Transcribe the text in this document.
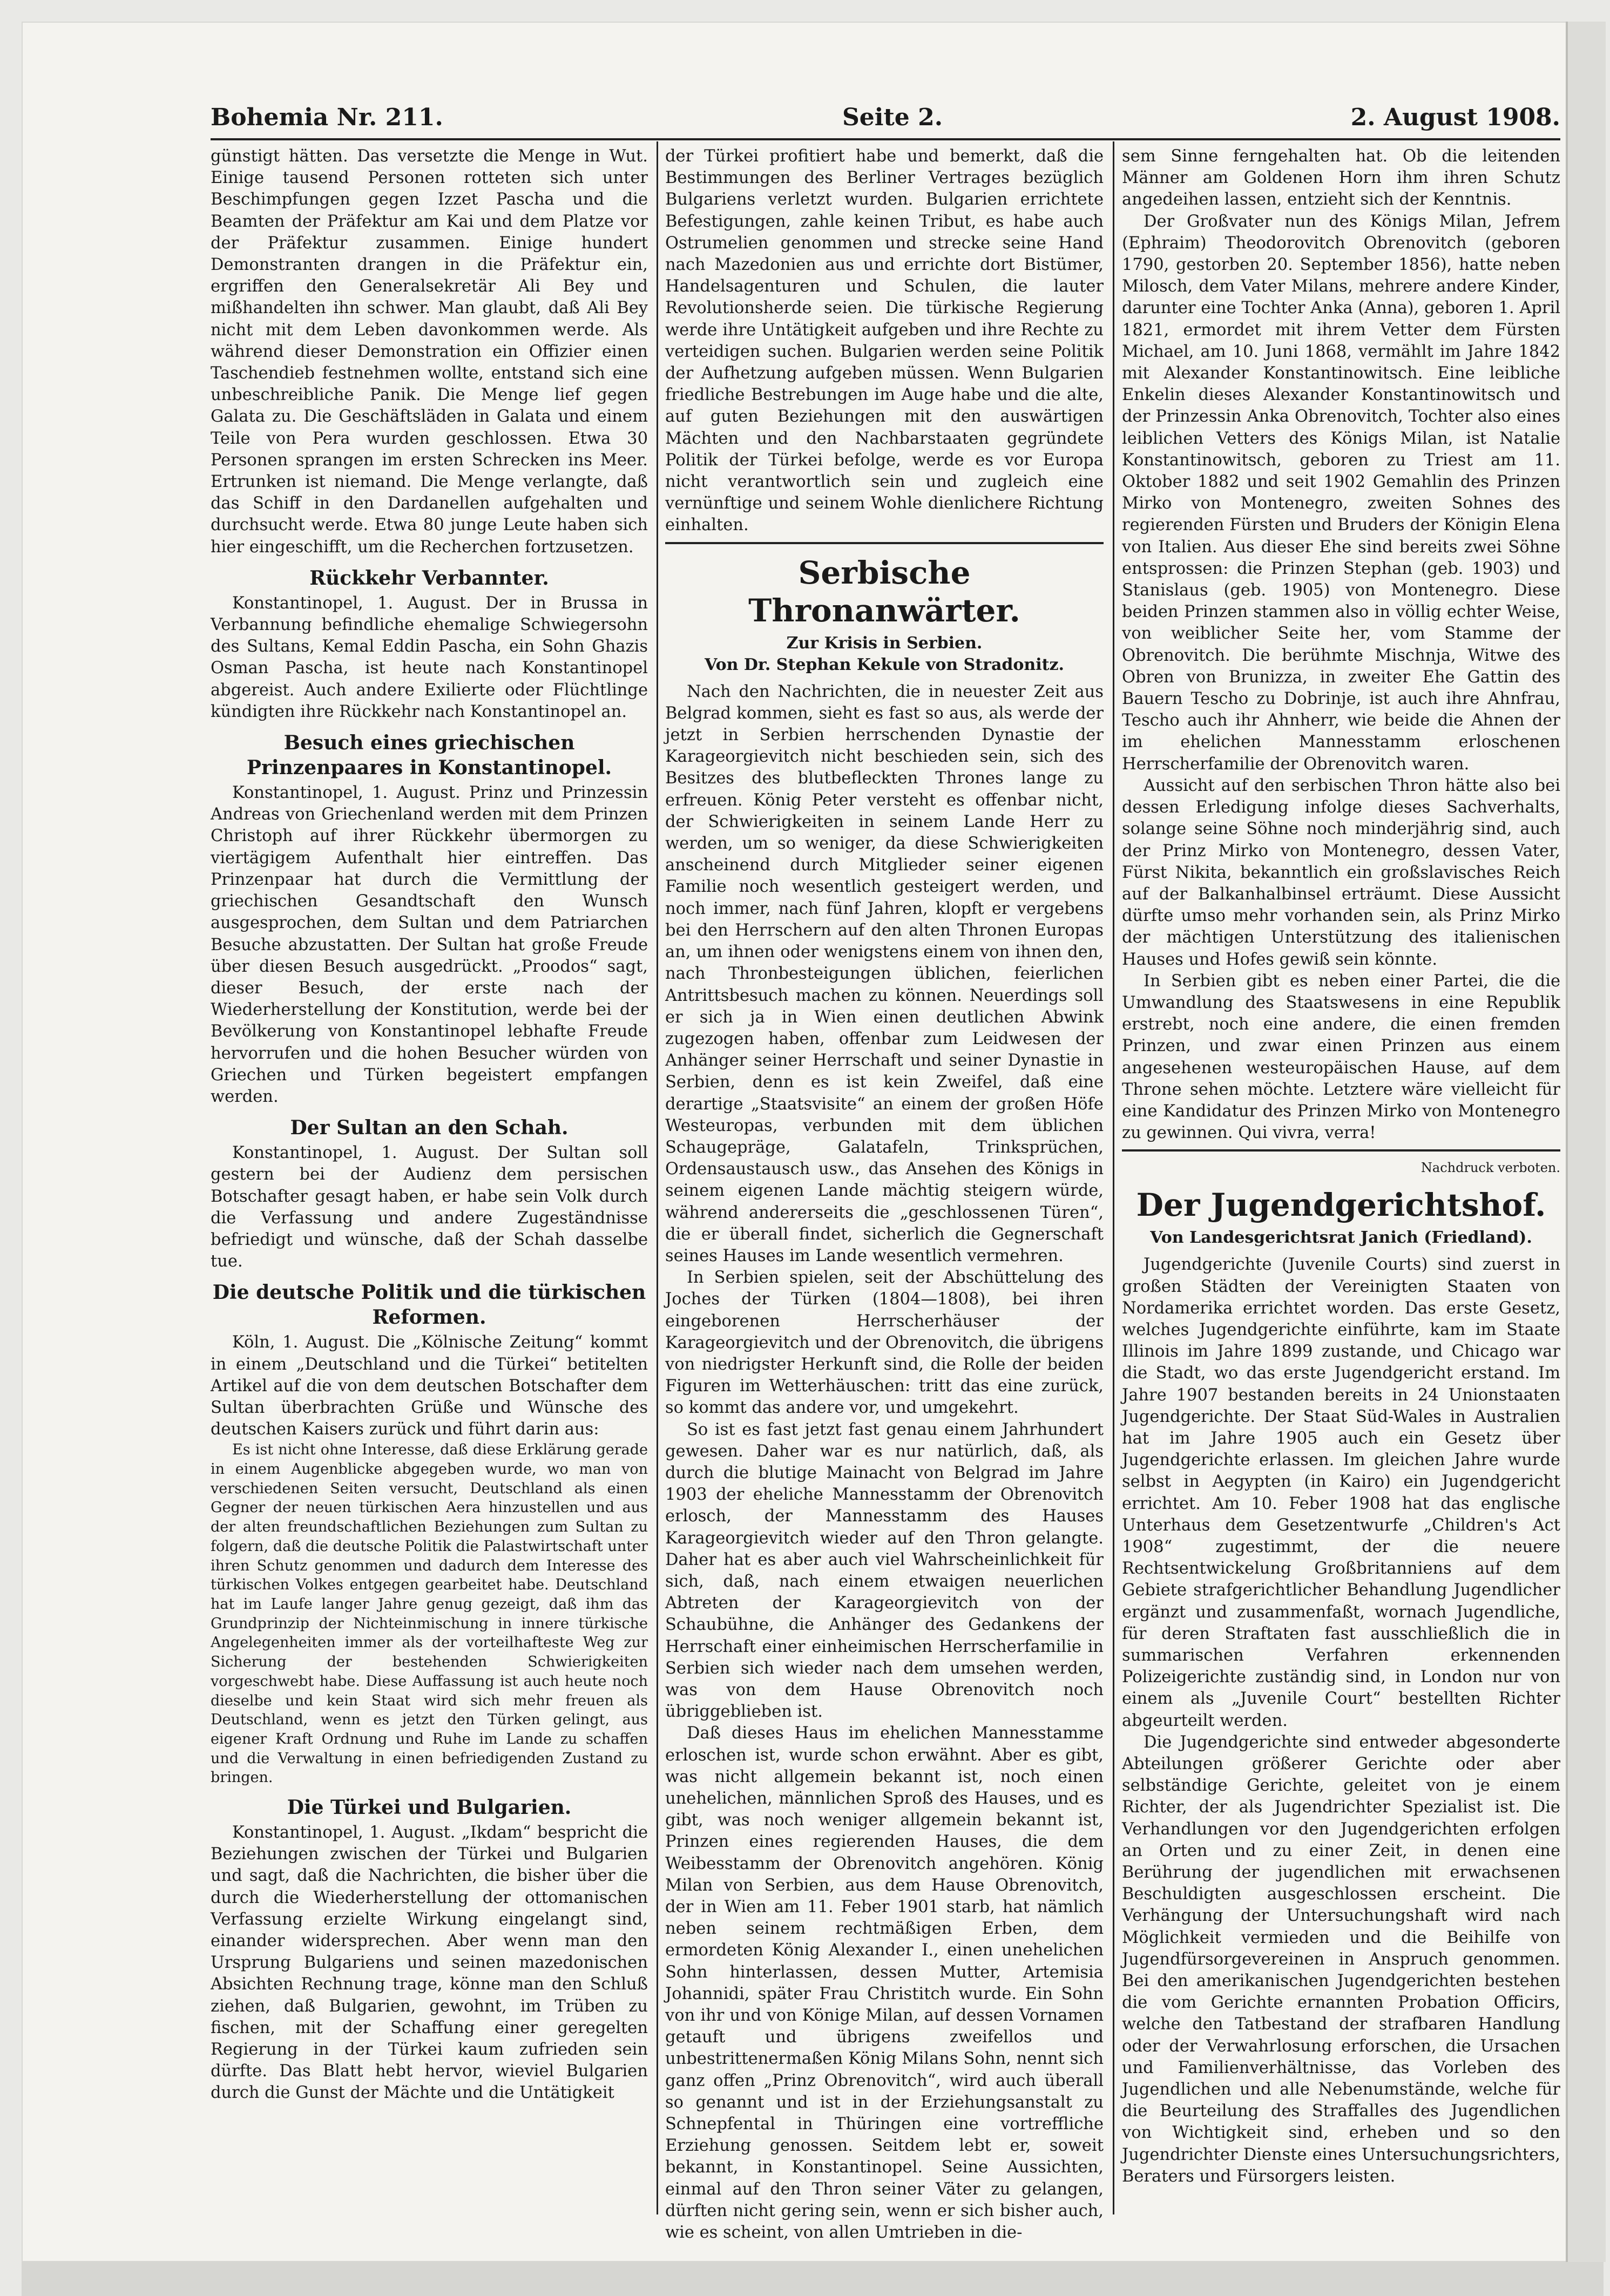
Bohemia Nr. 211.	Seite 2.	2. August 1908.

günstigt hätten. Das versetzte die Menge in Wut. Einige tausend Personen rotteten sich unter Beschimpfungen gegen Izzet Pascha und die Beamten der Präfektur am Kai und dem Platze vor der Präfektur zusammen. Einige hundert Demonstranten drangen in die Präfektur ein, ergriffen den Generalsekretär Ali Bey und mißhandelten ihn schwer. Man glaubt, daß Ali Bey nicht mit dem Leben davonkommen werde. Als während dieser Demonstration ein Offizier einen Taschendieb festnehmen wollte, entstand sich eine unbeschreibliche Panik. Die Menge lief gegen Galata zu. Die Geschäftsläden in Galata und einem Teile von Pera wurden geschlossen. Etwa 30 Personen sprangen im ersten Schrecken ins Meer. Ertrunken ist niemand. Die Menge verlangte, daß das Schiff in den Dardanellen aufgehalten und durchsucht werde. Etwa 80 junge Leute haben sich hier eingeschifft, um die Recherchen fortzusetzen.

Rückkehr Verbannter.

Konstantinopel, 1. August. Der in Brussa in Verbannung befindliche ehemalige Schwiegersohn des Sultans, Kemal Eddin Pascha, ein Sohn Ghazis Osman Pascha, ist heute nach Konstantinopel abgereist. Auch andere Exilierte oder Flüchtlinge kündigten ihre Rückkehr nach Konstantinopel an.

Besuch eines griechischen Prinzenpaares in Konstantinopel.

Konstantinopel, 1. August. Prinz und Prinzessin Andreas von Griechenland werden mit dem Prinzen Christoph auf ihrer Rückkehr übermorgen zu viertägigem Aufenthalt hier eintreffen. Das Prinzenpaar hat durch die Vermittlung der griechischen Gesandtschaft den Wunsch ausgesprochen, dem Sultan und dem Patriarchen Besuche abzustatten. Der Sultan hat große Freude über diesen Besuch ausgedrückt. „Proodos“ sagt, dieser Besuch, der erste nach der Wiederherstellung der Konstitution, werde bei der Bevölkerung von Konstantinopel lebhafte Freude hervorrufen und die hohen Besucher würden von Griechen und Türken begeistert empfangen werden.

Der Sultan an den Schah.

Konstantinopel, 1. August. Der Sultan soll gestern bei der Audienz dem persischen Botschafter gesagt haben, er habe sein Volk durch die Verfassung und andere Zugeständnisse befriedigt und wünsche, daß der Schah dasselbe tue.

Die deutsche Politik und die türkischen Reformen.

Köln, 1. August. Die „Kölnische Zeitung“ kommt in einem „Deutschland und die Türkei“ betitelten Artikel auf die von dem deutschen Botschafter dem Sultan überbrachten Grüße und Wünsche des deutschen Kaisers zurück und führt darin aus:

Es ist nicht ohne Interesse, daß diese Erklärung gerade in einem Augenblicke abgegeben wurde, wo man von verschiedenen Seiten versucht, Deutschland als einen Gegner der neuen türkischen Aera hinzustellen und aus der alten freundschaftlichen Beziehungen zum Sultan zu folgern, daß die deutsche Politik die Palastwirtschaft unter ihren Schutz genommen und dadurch dem Interesse des türkischen Volkes entgegen gearbeitet habe. Deutschland hat im Laufe langer Jahre genug gezeigt, daß ihm das Grundprinzip der Nichteinmischung in innere türkische Angelegenheiten immer als der vorteilhafteste Weg zur Sicherung der bestehenden Schwierigkeiten vorgeschwebt habe. Diese Auffassung ist auch heute noch dieselbe und kein Staat wird sich mehr freuen als Deutschland, wenn es jetzt den Türken gelingt, aus eigener Kraft Ordnung und Ruhe im Lande zu schaffen und die Verwaltung in einen befriedigenden Zustand zu bringen.

Die Türkei und Bulgarien.

Konstantinopel, 1. August. „Ikdam“ bespricht die Beziehungen zwischen der Türkei und Bulgarien und sagt, daß die Nachrichten, die bisher über die durch die Wiederherstellung der ottomanischen Verfassung erzielte Wirkung eingelangt sind, einander widersprechen. Aber wenn man den Ursprung Bulgariens und seinen mazedonischen Absichten Rechnung trage, könne man den Schluß ziehen, daß Bulgarien, gewohnt, im Trüben zu fischen, mit der Schaffung einer geregelten Regierung in der Türkei kaum zufrieden sein dürfte. Das Blatt hebt hervor, wieviel Bulgarien durch die Gunst der Mächte und die Untätigkeit

der Türkei profitiert habe und bemerkt, daß die Bestimmungen des Berliner Vertrages bezüglich Bulgariens verletzt wurden. Bulgarien errichtete Befestigungen, zahle keinen Tribut, es habe auch Ostrumelien genommen und strecke seine Hand nach Mazedonien aus und errichte dort Bistümer, Handelsagenturen und Schulen, die lauter Revolutionsherde seien. Die türkische Regierung werde ihre Untätigkeit aufgeben und ihre Rechte zu verteidigen suchen. Bulgarien werden seine Politik der Aufhetzung aufgeben müssen. Wenn Bulgarien friedliche Bestrebungen im Auge habe und die alte, auf guten Beziehungen mit den auswärtigen Mächten und den Nachbarstaaten gegründete Politik der Türkei befolge, werde es vor Europa nicht verantwortlich sein und zugleich eine vernünftige und seinem Wohle dienlichere Richtung einhalten.

Serbische Thronanwärter.
Zur Krisis in Serbien.
Von Dr. Stephan Kekule von Stradonitz.

Nach den Nachrichten, die in neuester Zeit aus Belgrad kommen, sieht es fast so aus, als werde der jetzt in Serbien herrschenden Dynastie der Karageorgievitch nicht beschieden sein, sich des Besitzes des blutbefleckten Thrones lange zu erfreuen. König Peter versteht es offenbar nicht, der Schwierigkeiten in seinem Lande Herr zu werden, um so weniger, da diese Schwierigkeiten anscheinend durch Mitglieder seiner eigenen Familie noch wesentlich gesteigert werden, und noch immer, nach fünf Jahren, klopft er vergebens bei den Herrschern auf den alten Thronen Europas an, um ihnen oder wenigstens einem von ihnen den, nach Thronbesteigungen üblichen, feierlichen Antrittsbesuch machen zu können. Neuerdings soll er sich ja in Wien einen deutlichen Abwink zugezogen haben, offenbar zum Leidwesen der Anhänger seiner Herrschaft und seiner Dynastie in Serbien, denn es ist kein Zweifel, daß eine derartige „Staatsvisite“ an einem der großen Höfe Westeuropas, verbunden mit dem üblichen Schaugepräge, Galatafeln, Trinksprüchen, Ordensaustausch usw., das Ansehen des Königs in seinem eigenen Lande mächtig steigern würde, während andererseits die „geschlossenen Türen“, die er überall findet, sicherlich die Gegnerschaft seines Hauses im Lande wesentlich vermehren.

In Serbien spielen, seit der Abschüttelung des Joches der Türken (1804—1808), bei ihren eingeborenen Herrscherhäuser der Karageorgievitch und der Obrenovitch, die übrigens von niedrigster Herkunft sind, die Rolle der beiden Figuren im Wetterhäuschen: tritt das eine zurück, so kommt das andere vor, und umgekehrt.

So ist es fast jetzt fast genau einem Jahrhundert gewesen. Daher war es nur natürlich, daß, als durch die blutige Mainacht von Belgrad im Jahre 1903 der eheliche Mannesstamm der Obrenovitch erlosch, der Mannesstamm des Hauses Karageorgievitch wieder auf den Thron gelangte. Daher hat es aber auch viel Wahrscheinlichkeit für sich, daß, nach einem etwaigen neuerlichen Abtreten der Karageorgievitch von der Schaubühne, die Anhänger des Gedankens der Herrschaft einer einheimischen Herrscherfamilie in Serbien sich wieder nach dem umsehen werden, was von dem Hause Obrenovitch noch übriggeblieben ist.

Daß dieses Haus im ehelichen Mannesstamme erloschen ist, wurde schon erwähnt. Aber es gibt, was nicht allgemein bekannt ist, noch einen unehelichen, männlichen Sproß des Hauses, und es gibt, was noch weniger allgemein bekannt ist, Prinzen eines regierenden Hauses, die dem Weibesstamm der Obrenovitch angehören. König Milan von Serbien, aus dem Hause Obrenovitch, der in Wien am 11. Feber 1901 starb, hat nämlich neben seinem rechtmäßigen Erben, dem ermordeten König Alexander I., einen unehelichen Sohn hinterlassen, dessen Mutter, Artemisia Johannidi, später Frau Christitch wurde. Ein Sohn von ihr und von Könige Milan, auf dessen Vornamen getauft und übrigens zweifellos und unbestrittenermaßen König Milans Sohn, nennt sich ganz offen „Prinz Obrenovitch“, wird auch überall so genannt und ist in der Erziehungsanstalt zu Schnepfental in Thüringen eine vortreffliche Erziehung genossen. Seitdem lebt er, soweit bekannt, in Konstantinopel. Seine Aussichten, einmal auf den Thron seiner Väter zu gelangen, dürften nicht gering sein, wenn er sich bisher auch, wie es scheint, von allen Umtrieben in die-

sem Sinne ferngehalten hat. Ob die leitenden Männer am Goldenen Horn ihm ihren Schutz angedeihen lassen, entzieht sich der Kenntnis.

Der Großvater nun des Königs Milan, Jefrem (Ephraim) Theodorovitch Obrenovitch (geboren 1790, gestorben 20. September 1856), hatte neben Milosch, dem Vater Milans, mehrere andere Kinder, darunter eine Tochter Anka (Anna), geboren 1. April 1821, ermordet mit ihrem Vetter dem Fürsten Michael, am 10. Juni 1868, vermählt im Jahre 1842 mit Alexander Konstantinowitsch. Eine leibliche Enkelin dieses Alexander Konstantinowitsch und der Prinzessin Anka Obrenovitch, Tochter also eines leiblichen Vetters des Königs Milan, ist Natalie Konstantinowitsch, geboren zu Triest am 11. Oktober 1882 und seit 1902 Gemahlin des Prinzen Mirko von Montenegro, zweiten Sohnes des regierenden Fürsten und Bruders der Königin Elena von Italien. Aus dieser Ehe sind bereits zwei Söhne entsprossen: die Prinzen Stephan (geb. 1903) und Stanislaus (geb. 1905) von Montenegro. Diese beiden Prinzen stammen also in völlig echter Weise, von weiblicher Seite her, vom Stamme der Obrenovitch. Die berühmte Mischnja, Witwe des Obren von Brunizza, in zweiter Ehe Gattin des Bauern Tescho zu Dobrinje, ist auch ihre Ahnfrau, Tescho auch ihr Ahnherr, wie beide die Ahnen der im ehelichen Mannesstamm erloschenen Herrscherfamilie der Obrenovitch waren.

Aussicht auf den serbischen Thron hätte also bei dessen Erledigung infolge dieses Sachverhalts, solange seine Söhne noch minderjährig sind, auch der Prinz Mirko von Montenegro, dessen Vater, Fürst Nikita, bekanntlich ein großslavisches Reich auf der Balkanhalbinsel erträumt. Diese Aussicht dürfte umso mehr vorhanden sein, als Prinz Mirko der mächtigen Unterstützung des italienischen Hauses und Hofes gewiß sein könnte.

In Serbien gibt es neben einer Partei, die die Umwandlung des Staatswesens in eine Republik erstrebt, noch eine andere, die einen fremden Prinzen, und zwar einen Prinzen aus einem angesehenen westeuropäischen Hause, auf dem Throne sehen möchte. Letztere wäre vielleicht für eine Kandidatur des Prinzen Mirko von Montenegro zu gewinnen. Qui vivra, verra!

Nachdruck verboten.
Der Jugendgerichtshof.
Von Landesgerichtsrat Janich (Friedland).

Jugendgerichte (Juvenile Courts) sind zuerst in großen Städten der Vereinigten Staaten von Nordamerika errichtet worden. Das erste Gesetz, welches Jugendgerichte einführte, kam im Staate Illinois im Jahre 1899 zustande, und Chicago war die Stadt, wo das erste Jugendgericht erstand. Im Jahre 1907 bestanden bereits in 24 Unionstaaten Jugendgerichte. Der Staat Süd-Wales in Australien hat im Jahre 1905 auch ein Gesetz über Jugendgerichte erlassen. Im gleichen Jahre wurde selbst in Aegypten (in Kairo) ein Jugendgericht errichtet. Am 10. Feber 1908 hat das englische Unterhaus dem Gesetzentwurfe „Children's Act 1908“ zugestimmt, der die neuere Rechtsentwickelung Großbritanniens auf dem Gebiete strafgerichtlicher Behandlung Jugendlicher ergänzt und zusammenfaßt, wornach Jugendliche, für deren Straftaten fast ausschließlich die in summarischen Verfahren erkennenden Polizeigerichte zuständig sind, in London nur von einem als „Juvenile Court“ bestellten Richter abgeurteilt werden.

Die Jugendgerichte sind entweder abgesonderte Abteilungen größerer Gerichte oder aber selbständige Gerichte, geleitet von je einem Richter, der als Jugendrichter Spezialist ist. Die Verhandlungen vor den Jugendgerichten erfolgen an Orten und zu einer Zeit, in denen eine Berührung der jugendlichen mit erwachsenen Beschuldigten ausgeschlossen erscheint. Die Verhängung der Untersuchungshaft wird nach Möglichkeit vermieden und die Beihilfe von Jugendfürsorgevereinen in Anspruch genommen. Bei den amerikanischen Jugendgerichten bestehen die vom Gerichte ernannten Probation Officirs, welche den Tatbestand der strafbaren Handlung oder der Verwahrlosung erforschen, die Ursachen und Familienverhältnisse, das Vorleben des Jugendlichen und alle Nebenumstände, welche für die Beurteilung des Straffalles des Jugendlichen von Wichtigkeit sind, erheben und so den Jugendrichter Dienste eines Untersuchungsrichters, Beraters und Fürsorgers leisten.
